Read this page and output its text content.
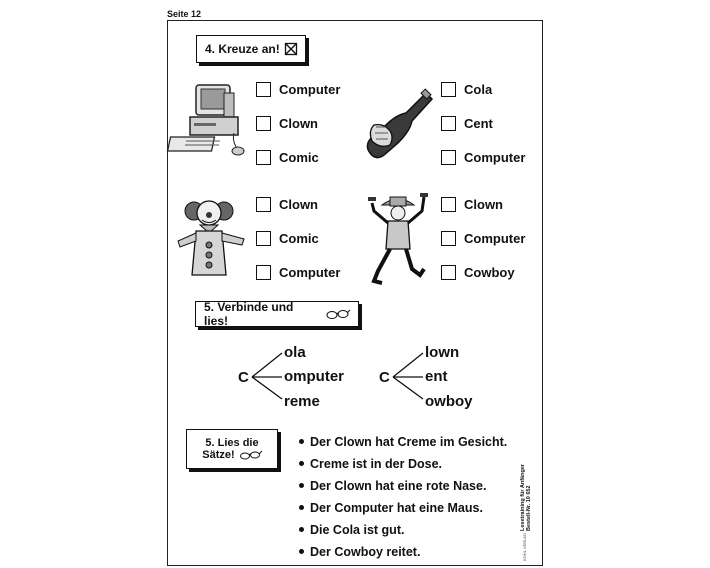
Seite 12
4. Kreuze an!
Computer
Clown
Comic
Cola
Cent
Computer
Clown
Comic
Computer
Clown
Computer
Cowboy
5. Verbinde und lies!
C
ola
omputer
reme
C
lown
ent
owboy
5. Lies die
Sätze!
Der Clown hat Creme im Gesicht.
Creme ist in der Dose.
Der Clown hat eine rote Nase.
Der Computer hat eine Maus.
Die Cola ist gut.
Der Cowboy reitet.
Lesetraining für Anfänger Bestell-Nr. 10 652
KOHL VERLAG
